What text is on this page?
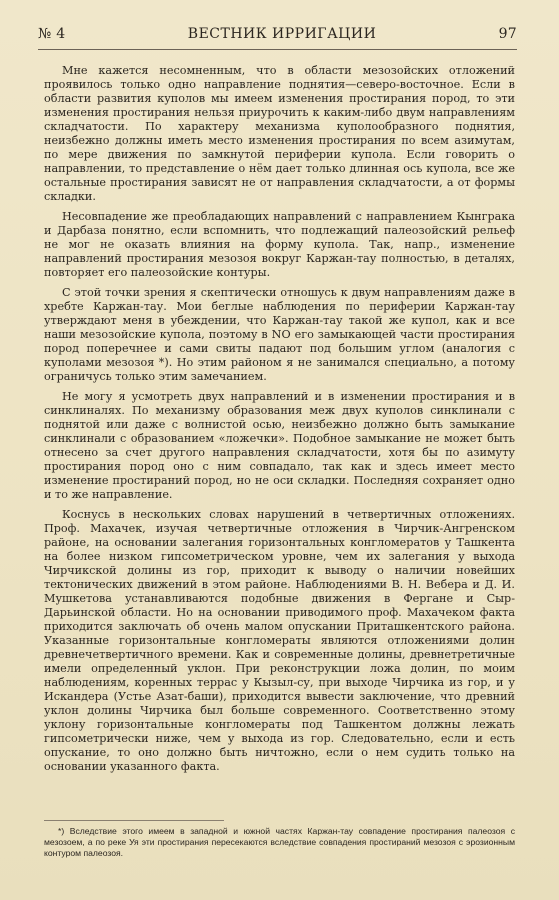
№ 4	ВЕСТНИК ИРРИГАЦИИ	97

Мне кажется несомненным, что в области мезозойских отложений проявилось только одно направление поднятия—северо-восточное. Если в области развития куполов мы имеем изменения простирания пород, то эти изменения простирания нельзя приурочить к каким-либо двум направлениям складчатости. По характеру механизма куполообразного поднятия, неизбежно должны иметь место изменения простирания по всем азимутам, по мере движения по замкнутой периферии купола. Если говорить о направлении, то представление о нём дает только длинная ось купола, все же остальные простирания зависят не от направления складчатости, а от формы складки.

Несовпадение же преобладающих направлений с направлением Кынграка и Дарбаза понятно, если вспомнить, что подлежащий палеозойский рельеф не мог не оказать влияния на форму купола. Так, напр., изменение направлений простирания мезозоя вокруг Каржан-тау полностью, в деталях, повторяет его палеозойские контуры.

С этой точки зрения я скептически отношусь к двум направлениям даже в хребте Каржан-тау. Мои беглые наблюдения по периферии Каржан-тау утверждают меня в убеждении, что Каржан-тау такой же купол, как и все наши мезозойские купола, поэтому в NO его замыкающей части простирания пород поперечнее и сами свиты падают под большим углом (аналогия с куполами мезозоя *). Но этим районом я не занимался специально, а потому ограничусь только этим замечанием.

Не могу я усмотреть двух направлений и в изменении простирания и в синклиналях. По механизму образования меж двух куполов синклинали с поднятой или даже с волнистой осью, неизбежно должно быть замыкание синклинали с образованием «ложечки». Подобное замыкание не может быть отнесено за счет другого направления складчатости, хотя бы по азимуту простирания пород оно с ним совпадало, так как и здесь имеет место изменение простираний пород, но не оси складки. Последняя сохраняет одно и то же направление.

Коснусь в нескольких словах нарушений в четвертичных отложениях. Проф. Махачек, изучая четвертичные отложения в Чирчик-Ангренском районе, на основании залегания горизонтальных конгломератов у Ташкента на более низком гипсометрическом уровне, чем их залегания у выхода Чирчикской долины из гор, приходит к выводу о наличии новейших тектонических движений в этом районе. Наблюдениями В. Н. Вебера и Д. И. Мушкетова устанавливаются подобные движения в Фергане и Сыр-Дарьинской области. Но на основании приводимого проф. Махачеком факта приходится заключать об очень малом опускании Приташкентского района. Указанные горизонтальные конгломераты являются отложениями долин древнечетвертичного времени. Как и современные долины, древнетретичные имели определенный уклон. При реконструкции ложа долин, по моим наблюдениям, коренных террас у Кызыл-су, при выходе Чирчика из гор, и у Искандера (Устье Азат-баши), приходится вывести заключение, что древний уклон долины Чирчика был больше современного. Соответственно этому уклону горизонтальные конгломераты под Ташкентом должны лежать гипсометрически ниже, чем у выхода из гор. Следовательно, если и есть опускание, то оно должно быть ничтожно, если о нем судить только на основании указанного факта.

*) Вследствие этого имеем в западной и южной частях Каржан-тау совпадение простирания палеозоя с мезозоем, а по реке Уя эти простирания пересекаются вследствие совпадения простираний мезозоя с эрозионным контуром палеозоя.
